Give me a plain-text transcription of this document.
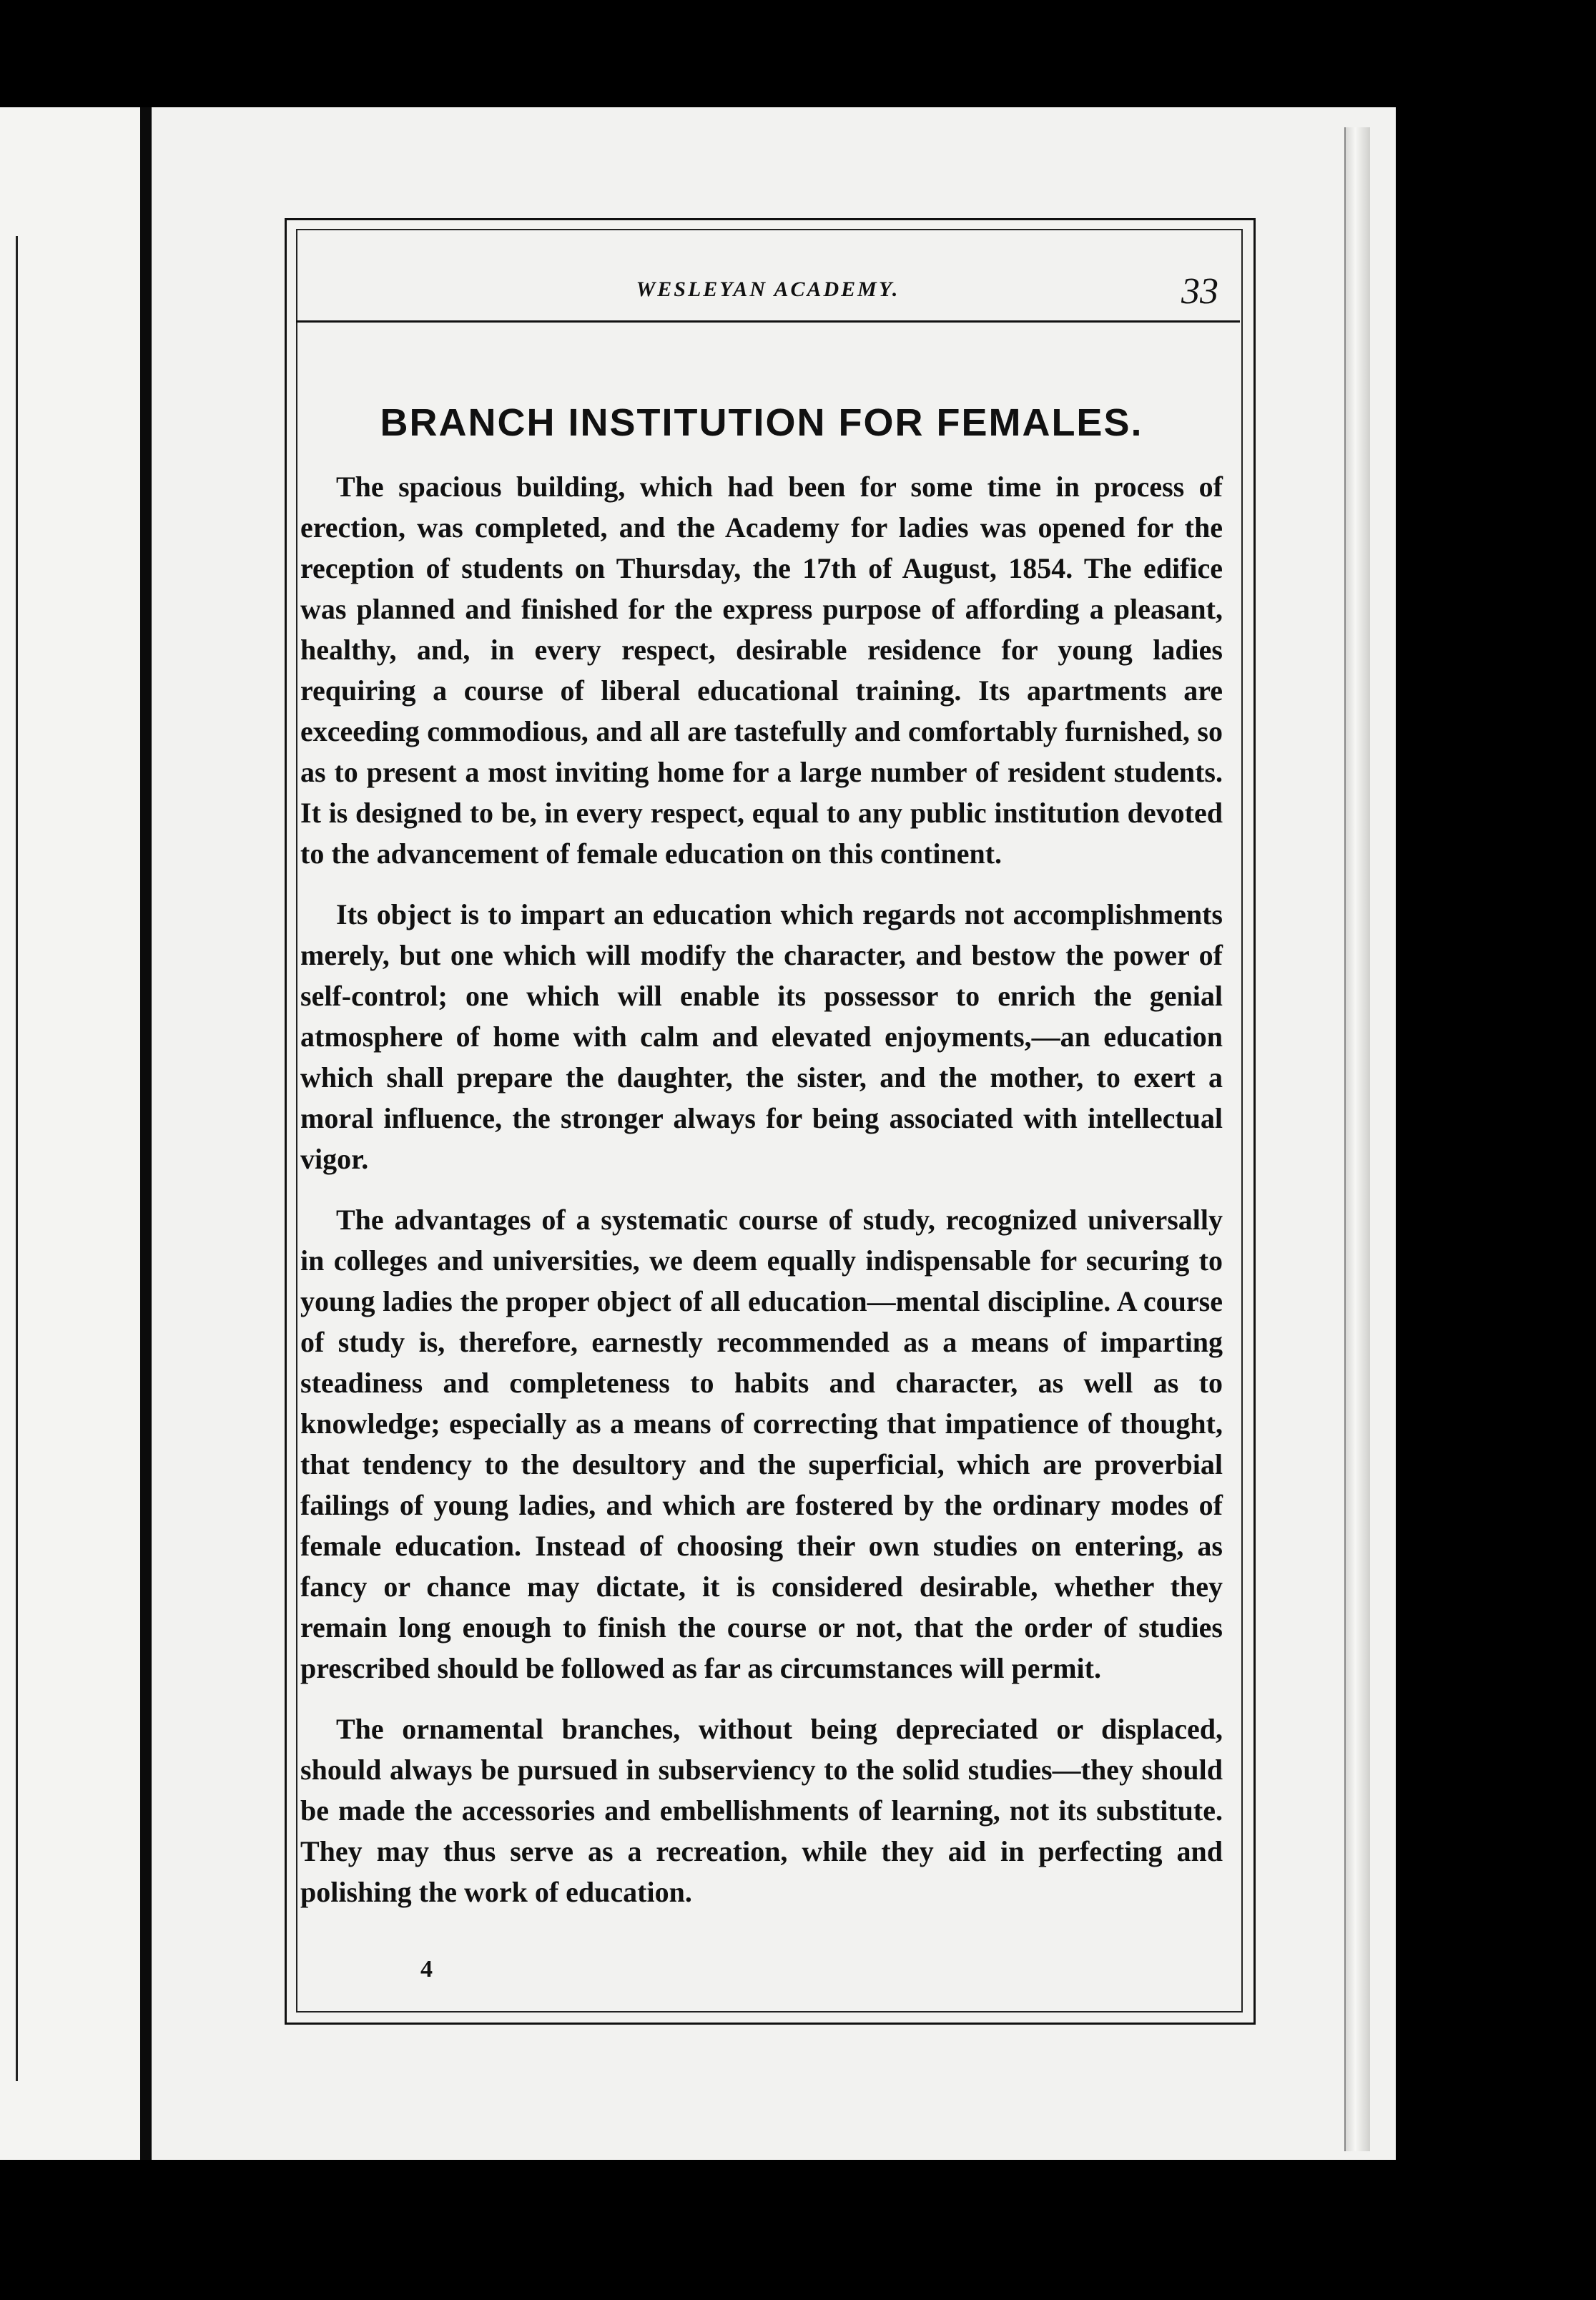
WESLEYAN ACADEMY.	33
BRANCH INSTITUTION FOR FEMALES.

The spacious building, which had been for some time in process of erection, was completed, and the Academy for ladies was opened for the reception of students on Thursday, the 17th of August, 1854. The edifice was planned and finished for the express purpose of affording a pleasant, healthy, and, in every respect, desirable residence for young ladies requiring a course of liberal educational training. Its apartments are exceeding commodious, and all are tastefully and comfortably furnished, so as to present a most inviting home for a large number of resident students. It is designed to be, in every respect, equal to any public institution devoted to the advancement of female education on this continent.

Its object is to impart an education which regards not accomplishments merely, but one which will modify the character, and bestow the power of self-control; one which will enable its possessor to enrich the genial atmosphere of home with calm and elevated enjoyments,—an education which shall prepare the daughter, the sister, and the mother, to exert a moral influence, the stronger always for being associated with intellectual vigor.

The advantages of a systematic course of study, recognized universally in colleges and universities, we deem equally indispensable for securing to young ladies the proper object of all education—mental discipline. A course of study is, therefore, earnestly recommended as a means of imparting steadiness and completeness to habits and character, as well as to knowledge; especially as a means of correcting that impatience of thought, that tendency to the desultory and the superficial, which are proverbial failings of young ladies, and which are fostered by the ordinary modes of female education. Instead of choosing their own studies on entering, as fancy or chance may dictate, it is considered desirable, whether they remain long enough to finish the course or not, that the order of studies prescribed should be followed as far as circumstances will permit.

The ornamental branches, without being depreciated or displaced, should always be pursued in subserviency to the solid studies—they should be made the accessories and embellishments of learning, not its substitute. They may thus serve as a recreation, while they aid in perfecting and polishing the work of education.

4
